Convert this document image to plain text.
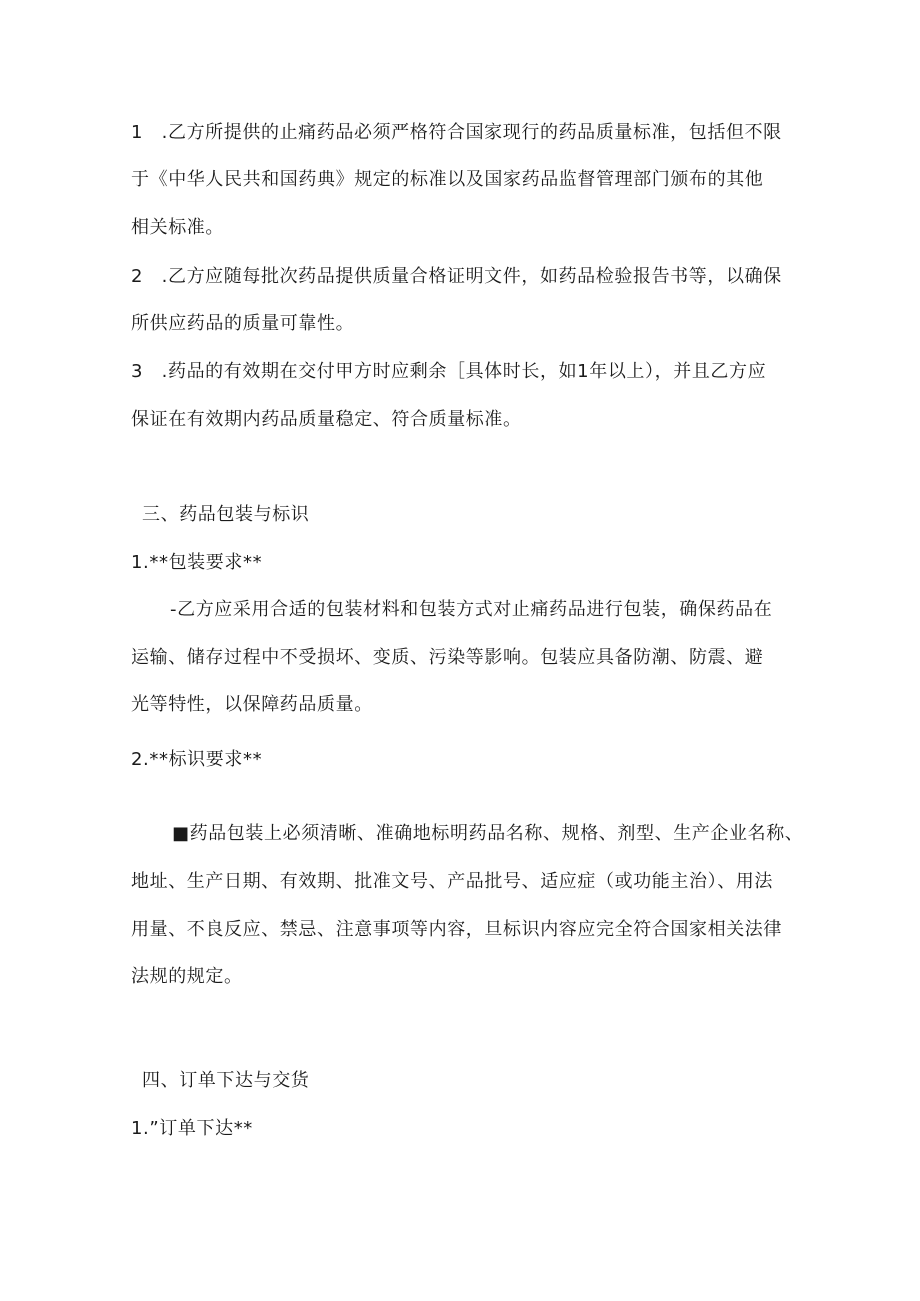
1　.乙方所提供的止痛药品必须严格符合国家现行的药品质量标准，包括但不限
于《中华人民共和国药典》规定的标准以及国家药品监督管理部门颁布的其他
相关标准。
2　.乙方应随每批次药品提供质量合格证明文件，如药品检验报告书等，以确保
所供应药品的质量可靠性。
3　.药品的有效期在交付甲方时应剩余［具体时长，如1年以上），并且乙方应
保证在有效期内药品质量稳定、符合质量标准。
三、药品包装与标识
1.**包装要求**
-乙方应采用合适的包装材料和包装方式对止痛药品进行包装，确保药品在
运输、储存过程中不受损坏、变质、污染等影响。包装应具备防潮、防震、避
光等特性，以保障药品质量。
2.**标识要求**
■药品包装上必须清晰、准确地标明药品名称、规格、剂型、生产企业名称、
地址、生产日期、有效期、批准文号、产品批号、适应症（或功能主治）、用法
用量、不良反应、禁忌、注意事项等内容，旦标识内容应完全符合国家相关法律
法规的规定。
四、订单下达与交货
1.”订单下达**
